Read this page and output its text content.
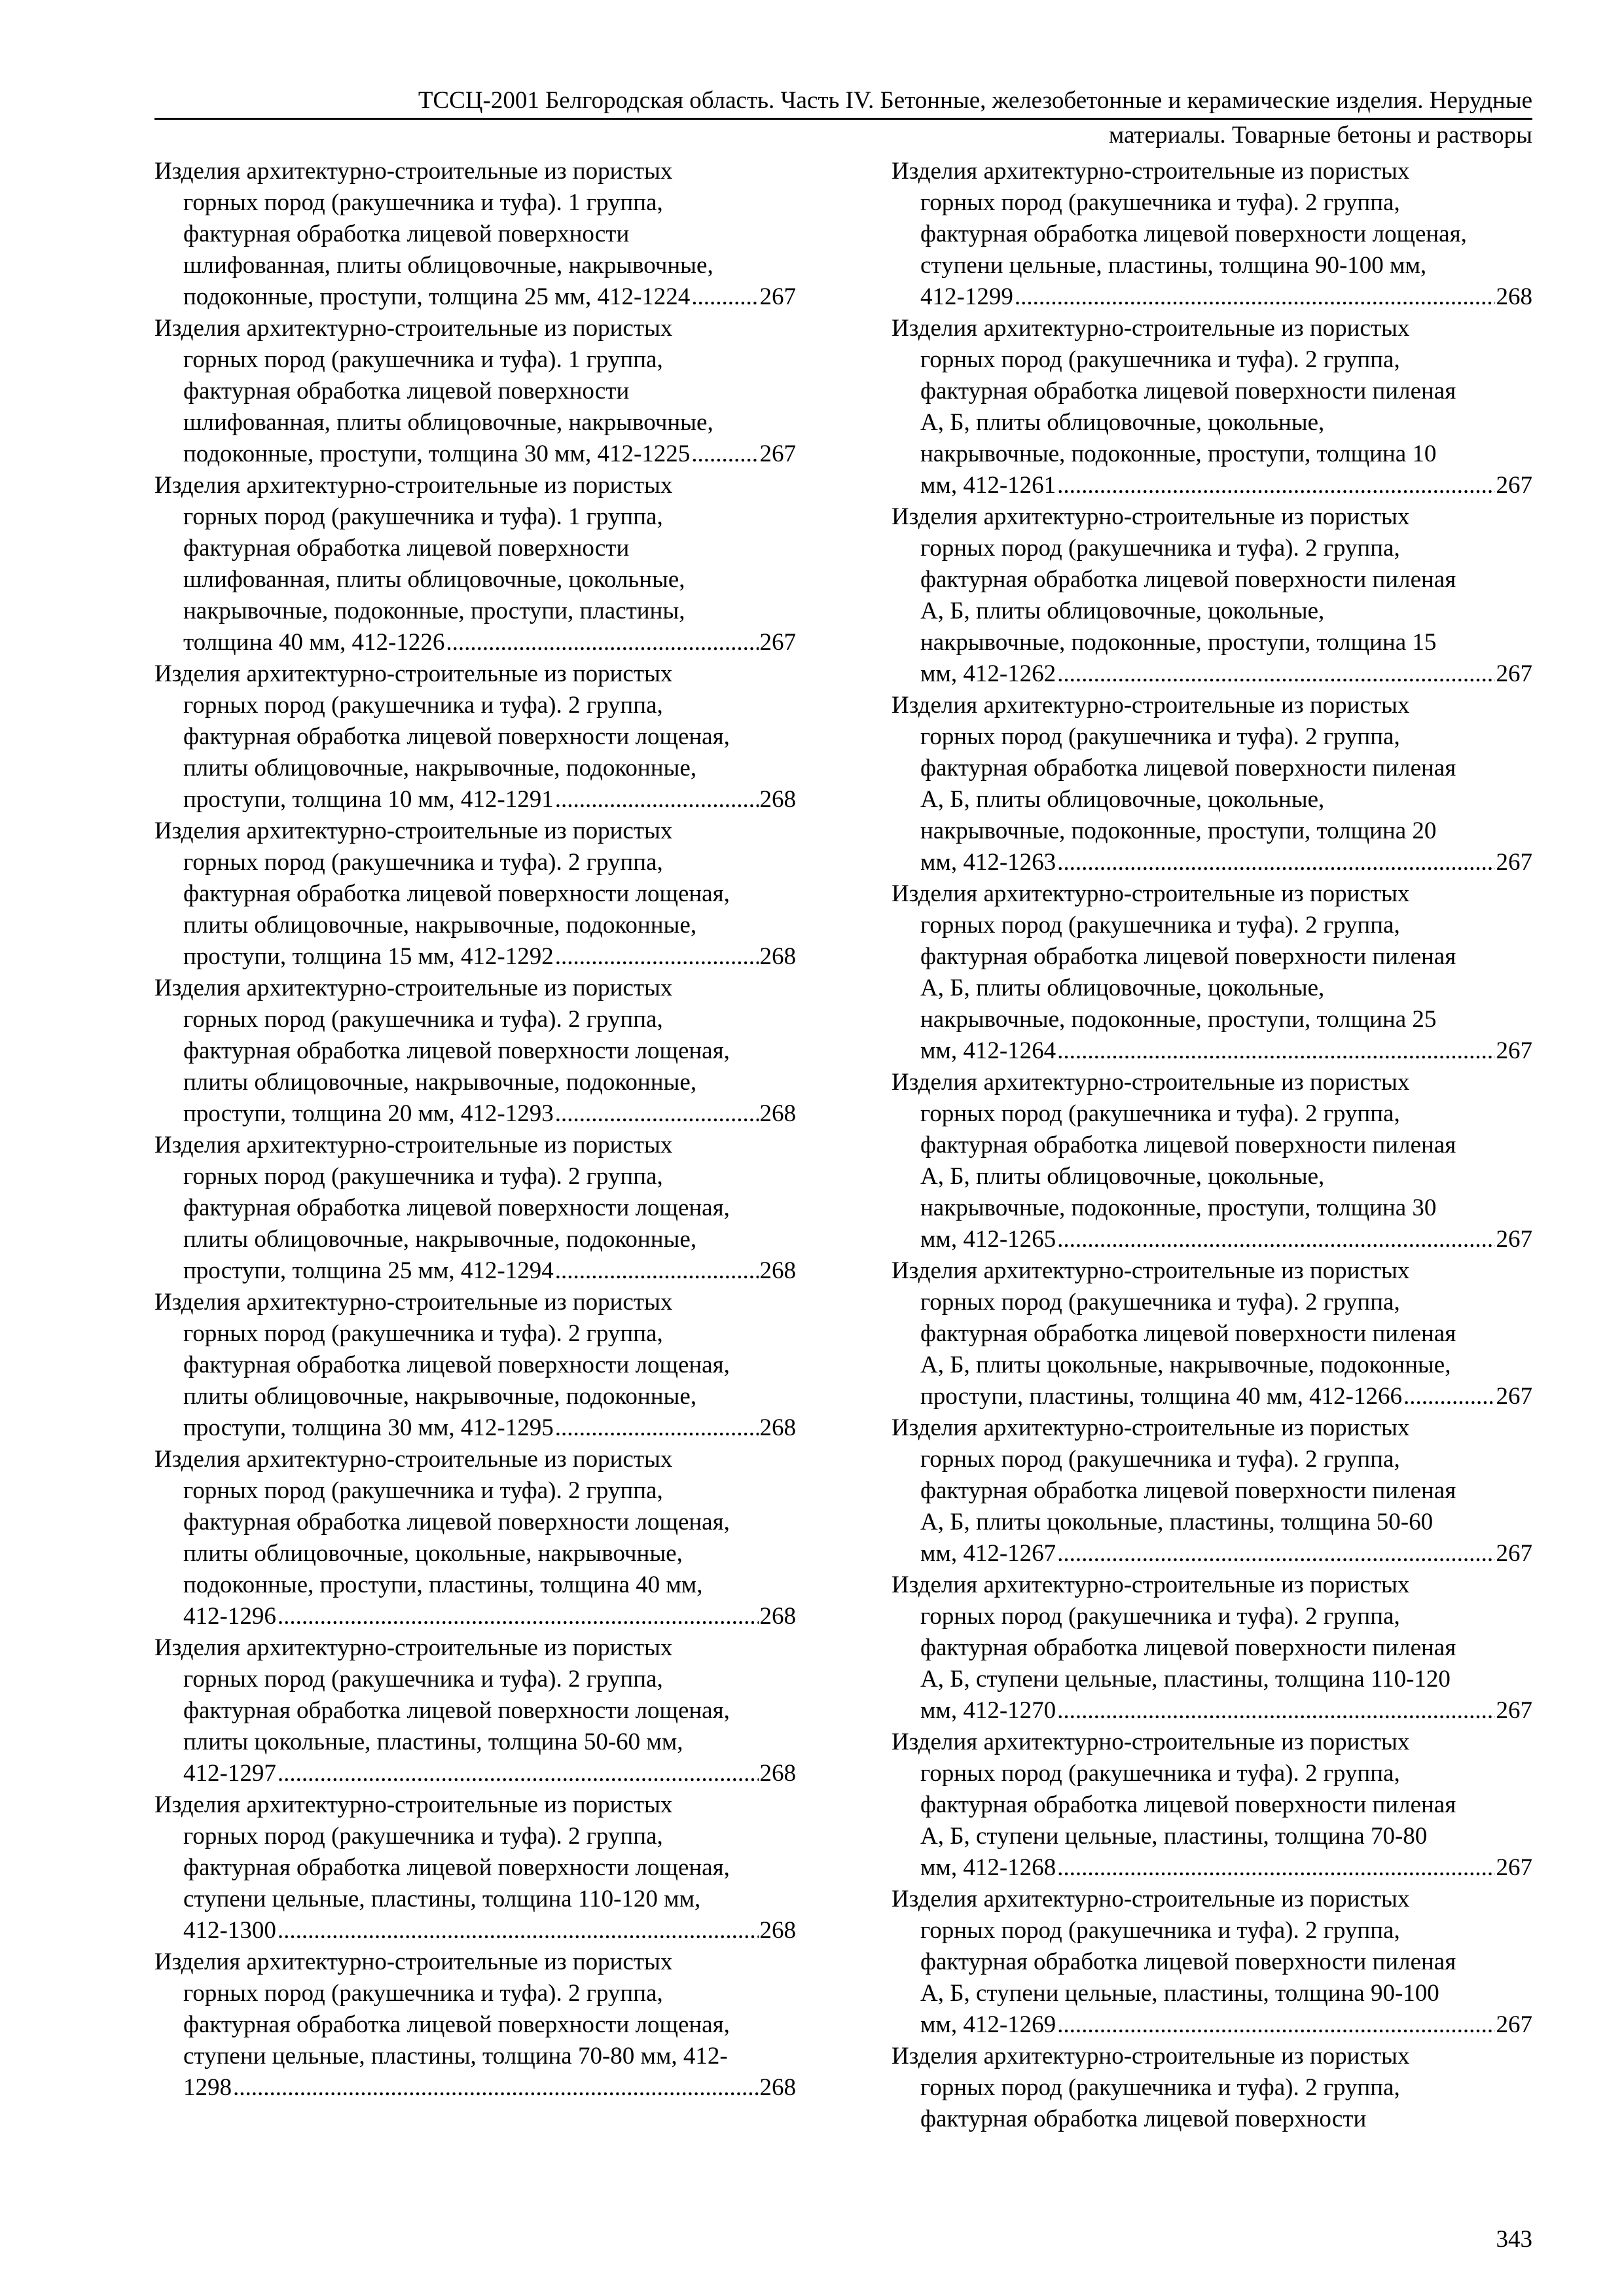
ТССЦ-2001 Белгородская область. Часть IV. Бетонные, железобетонные и керамические изделия. Нерудные
материалы. Товарные бетоны и растворы
Изделия архитектурно-строительные из пористых
горных пород (ракушечника и туфа). 1 группа,
фактурная обработка лицевой поверхности
шлифованная, плиты облицовочные, накрывочные,
подоконные, проступи, толщина 25 мм, 412-1224 .....	267
Изделия архитектурно-строительные из пористых
горных пород (ракушечника и туфа). 1 группа,
фактурная обработка лицевой поверхности
шлифованная, плиты облицовочные, накрывочные,
подоконные, проступи, толщина 30 мм, 412-1225 .....	267
Изделия архитектурно-строительные из пористых
горных пород (ракушечника и туфа). 1 группа,
фактурная обработка лицевой поверхности
шлифованная, плиты облицовочные, цокольные,
накрывочные, подоконные, проступи, пластины,
толщина 40 мм, 412-1226 .....	267
Изделия архитектурно-строительные из пористых
горных пород (ракушечника и туфа). 2 группа,
фактурная обработка лицевой поверхности лощеная,
плиты облицовочные, накрывочные, подоконные,
проступи, толщина 10 мм, 412-1291 .....	268
Изделия архитектурно-строительные из пористых
горных пород (ракушечника и туфа). 2 группа,
фактурная обработка лицевой поверхности лощеная,
плиты облицовочные, накрывочные, подоконные,
проступи, толщина 15 мм, 412-1292 .....	268
Изделия архитектурно-строительные из пористых
горных пород (ракушечника и туфа). 2 группа,
фактурная обработка лицевой поверхности лощеная,
плиты облицовочные, накрывочные, подоконные,
проступи, толщина 20 мм, 412-1293 .....	268
Изделия архитектурно-строительные из пористых
горных пород (ракушечника и туфа). 2 группа,
фактурная обработка лицевой поверхности лощеная,
плиты облицовочные, накрывочные, подоконные,
проступи, толщина 25 мм, 412-1294 .....	268
Изделия архитектурно-строительные из пористых
горных пород (ракушечника и туфа). 2 группа,
фактурная обработка лицевой поверхности лощеная,
плиты облицовочные, накрывочные, подоконные,
проступи, толщина 30 мм, 412-1295 .....	268
Изделия архитектурно-строительные из пористых
горных пород (ракушечника и туфа). 2 группа,
фактурная обработка лицевой поверхности лощеная,
плиты облицовочные, цокольные, накрывочные,
подоконные, проступи, пластины, толщина 40 мм,
412-1296 .....	268
Изделия архитектурно-строительные из пористых
горных пород (ракушечника и туфа). 2 группа,
фактурная обработка лицевой поверхности лощеная,
плиты цокольные, пластины, толщина 50-60 мм,
412-1297 .....	268
Изделия архитектурно-строительные из пористых
горных пород (ракушечника и туфа). 2 группа,
фактурная обработка лицевой поверхности лощеная,
ступени цельные, пластины, толщина 110-120 мм,
412-1300 .....	268
Изделия архитектурно-строительные из пористых
горных пород (ракушечника и туфа). 2 группа,
фактурная обработка лицевой поверхности лощеная,
ступени цельные, пластины, толщина 70-80 мм, 412-
1298 .....	268
Изделия архитектурно-строительные из пористых
горных пород (ракушечника и туфа). 2 группа,
фактурная обработка лицевой поверхности лощеная,
ступени цельные, пластины, толщина 90-100 мм,
412-1299 .....	268
Изделия архитектурно-строительные из пористых
горных пород (ракушечника и туфа). 2 группа,
фактурная обработка лицевой поверхности пиленая
А, Б, плиты облицовочные, цокольные,
накрывочные, подоконные, проступи, толщина 10
мм, 412-1261 .....	267
Изделия архитектурно-строительные из пористых
горных пород (ракушечника и туфа). 2 группа,
фактурная обработка лицевой поверхности пиленая
А, Б, плиты облицовочные, цокольные,
накрывочные, подоконные, проступи, толщина 15
мм, 412-1262 .....	267
Изделия архитектурно-строительные из пористых
горных пород (ракушечника и туфа). 2 группа,
фактурная обработка лицевой поверхности пиленая
А, Б, плиты облицовочные, цокольные,
накрывочные, подоконные, проступи, толщина 20
мм, 412-1263 .....	267
Изделия архитектурно-строительные из пористых
горных пород (ракушечника и туфа). 2 группа,
фактурная обработка лицевой поверхности пиленая
А, Б, плиты облицовочные, цокольные,
накрывочные, подоконные, проступи, толщина 25
мм, 412-1264 .....	267
Изделия архитектурно-строительные из пористых
горных пород (ракушечника и туфа). 2 группа,
фактурная обработка лицевой поверхности пиленая
А, Б, плиты облицовочные, цокольные,
накрывочные, подоконные, проступи, толщина 30
мм, 412-1265 .....	267
Изделия архитектурно-строительные из пористых
горных пород (ракушечника и туфа). 2 группа,
фактурная обработка лицевой поверхности пиленая
А, Б, плиты цокольные, накрывочные, подоконные,
проступи, пластины, толщина 40 мм, 412-1266 .....	267
Изделия архитектурно-строительные из пористых
горных пород (ракушечника и туфа). 2 группа,
фактурная обработка лицевой поверхности пиленая
А, Б, плиты цокольные, пластины, толщина 50-60
мм, 412-1267 .....	267
Изделия архитектурно-строительные из пористых
горных пород (ракушечника и туфа). 2 группа,
фактурная обработка лицевой поверхности пиленая
А, Б, ступени цельные, пластины, толщина 110-120
мм, 412-1270 .....	267
Изделия архитектурно-строительные из пористых
горных пород (ракушечника и туфа). 2 группа,
фактурная обработка лицевой поверхности пиленая
А, Б, ступени цельные, пластины, толщина 70-80
мм, 412-1268 .....	267
Изделия архитектурно-строительные из пористых
горных пород (ракушечника и туфа). 2 группа,
фактурная обработка лицевой поверхности пиленая
А, Б, ступени цельные, пластины, толщина 90-100
мм, 412-1269 .....	267
Изделия архитектурно-строительные из пористых
горных пород (ракушечника и туфа). 2 группа,
фактурная обработка лицевой поверхности
343
